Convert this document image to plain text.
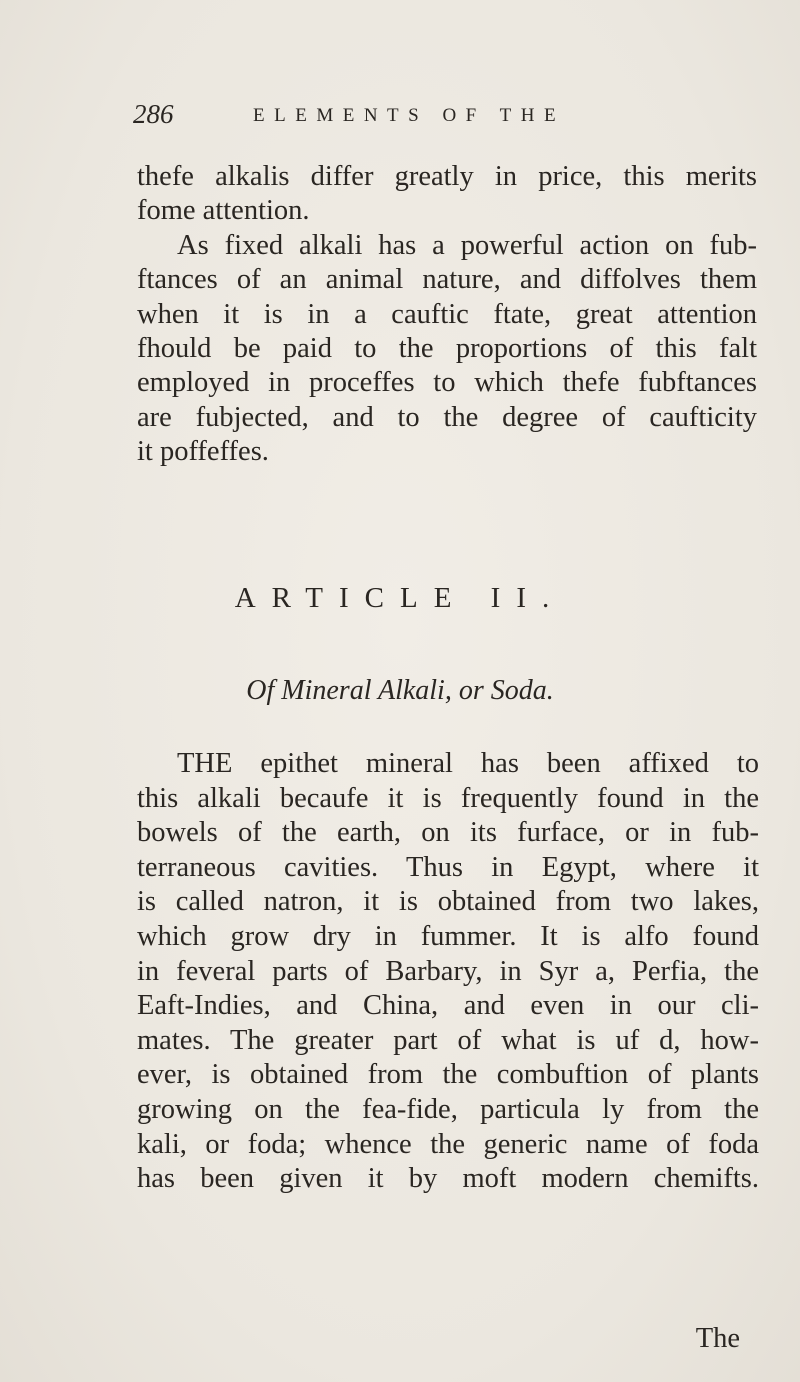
286	ELEMENTS OF THE
thefe alkalis differ greatly in price, this merits
fome attention.
As fixed alkali has a powerful action on fub-
ftances of an animal nature, and diffolves them
when it is in a cauftic ftate, great attention
fhould be paid to the proportions of this falt
employed in proceffes to which thefe fubftances
are fubjected, and to the degree of caufticity
it poffeffes.
ARTICLE II.
Of Mineral Alkali, or Soda.
THE epithet mineral has been affixed to
this alkali becaufe it is frequently found in the
bowels of the earth, on its furface, or in fub-
terraneous cavities. Thus in Egypt, where it
is called natron, it is obtained from two lakes,
which grow dry in fummer. It is alfo found
in feveral parts of Barbary, in Syr a, Perfia, the
Eaft-Indies, and China, and even in our cli-
mates. The greater part of what is uf d, how-
ever, is obtained from the combuftion of plants
growing on the fea-fide, particula ly from the
kali, or foda; whence the generic name of foda
has been given it by moft modern chemifts.
The
